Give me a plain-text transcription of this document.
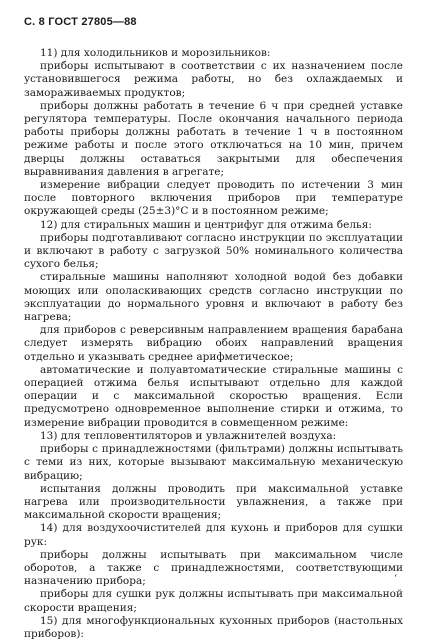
С. 8 ГОСТ 27805—88

11) для холодильников и морозильников:

приборы испытывают в соответствии с их назначением после установившегося режима работы, но без охлаждаемых и замораживаемых продуктов;

приборы должны работать в течение 6 ч при средней уставке регулятора температуры. После окончания начального периода работы приборы должны работать в течение 1 ч в постоянном режиме работы и после этого отключаться на 10 мин, причем дверцы должны оставаться закрытыми для обеспечения выравнивания давления в агрегате;

измерение вибрации следует проводить по истечении 3 мин после повторного включения приборов при температуре окружающей среды (25±3)°С и в постоянном режиме;

12) для стиральных машин и центрифуг для отжима белья:

приборы подготавливают согласно инструкции по эксплуатации и включают в работу с загрузкой 50% номинального количества сухого белья;

стиральные машины наполняют холодной водой без добавки моющих или ополаскивающих средств согласно инструкции по эксплуатации до нормального уровня и включают в работу без нагрева;

для приборов с реверсивным направлением вращения барабана следует измерять вибрацию обоих направлений вращения отдельно и указывать среднее арифметическое;

автоматические и полуавтоматические стиральные машины с операцией отжима белья испытывают отдельно для каждой операции и с максимальной скоростью вращения. Если предусмотрено одновременное выполнение стирки и отжима, то измерение вибрации проводится в совмещенном режиме:

13) для тепловентиляторов и увлажнителей воздуха:

приборы с принадлежностями (фильтрами) должны испытывать с теми из них, которые вызывают максимальную механическую вибрацию;

испытания должны проводить при максимальной уставке нагрева или производительности увлажнения, а также при максимальной скорости вращения;

14) для воздухоочистителей для кухонь и приборов для сушки рук:

приборы должны испытывать при максимальном числе оборотов, а также с принадлежностями, соответствующими назначению прибора;

приборы для сушки рук должны испытывать при максимальной скорости вращения;

15) для многофункциональных кухонных приборов (настольных приборов):

‘
